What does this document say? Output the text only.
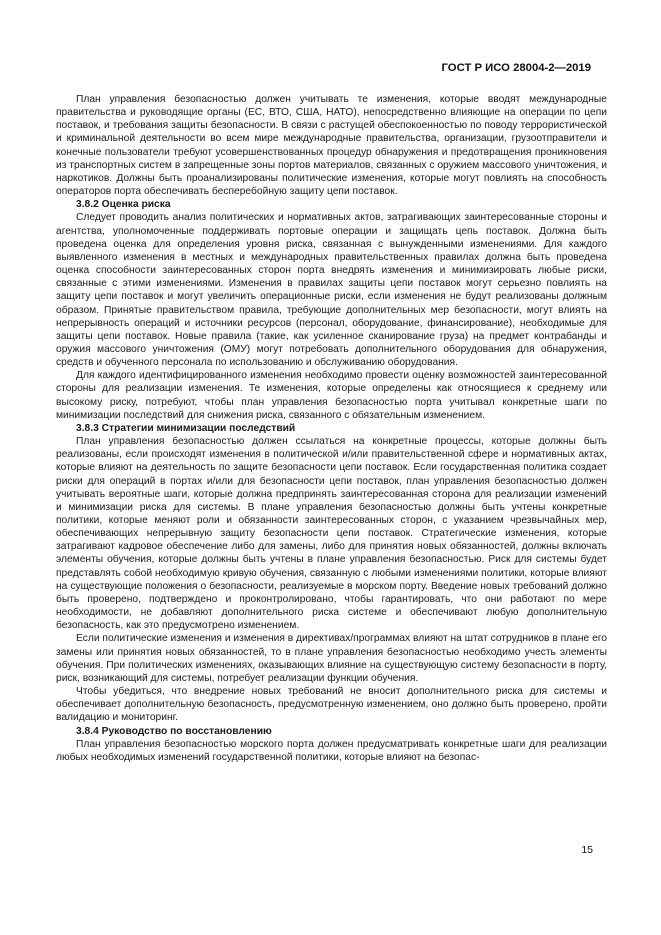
ГОСТ Р ИСО 28004-2—2019

План управления безопасностью должен учитывать те изменения, которые вводят международные правительства и руководящие органы (ЕС, ВТО, США, НАТО), непосредственно влияющие на операции по цепи поставок, и требования защиты безопасности. В связи с растущей обеспокоенностью по поводу террористической и криминальной деятельности во всем мире международные правительства, организации, грузоотправители и конечные пользователи требуют усовершенствованных процедур обнаружения и предотвращения проникновения из транспортных систем в запрещенные зоны портов материалов, связанных с оружием массового уничтожения, и наркотиков. Должны быть проанализированы политические изменения, которые могут повлиять на способность операторов порта обеспечивать бесперебойную защиту цепи поставок.

3.8.2 Оценка риска

Следует проводить анализ политических и нормативных актов, затрагивающих заинтересованные стороны и агентства, уполномоченные поддерживать портовые операции и защищать цепь поставок. Должна быть проведена оценка для определения уровня риска, связанная с вынужденными изменениями. Для каждого выявленного изменения в местных и международных правительственных правилах должна быть проведена оценка способности заинтересованных сторон порта внедрять изменения и минимизировать любые риски, связанные с этими изменениями. Изменения в правилах защиты цепи поставок могут серьезно повлиять на защиту цепи поставок и могут увеличить операционные риски, если изменения не будут реализованы должным образом. Принятые правительством правила, требующие дополнительных мер безопасности, могут влиять на непрерывность операций и источники ресурсов (персонал, оборудование, финансирование), необходимые для защиты цепи поставок. Новые правила (такие, как усиленное сканирование груза) на предмет контрабанды и оружия массового уничтожения (ОМУ) могут потребовать дополнительного оборудования для обнаружения, средств и обученного персонала по использованию и обслуживанию оборудования.

Для каждого идентифицированного изменения необходимо провести оценку возможностей заинтересованной стороны для реализации изменения. Те изменения, которые определены как относящиеся к среднему или высокому риску, потребуют, чтобы план управления безопасностью порта учитывал конкретные шаги по минимизации последствий для снижения риска, связанного с обязательным изменением.

3.8.3 Стратегии минимизации последствий

План управления безопасностью должен ссылаться на конкретные процессы, которые должны быть реализованы, если происходят изменения в политической и/или правительственной сфере и нормативных актах, которые влияют на деятельность по защите безопасности цепи поставок. Если государственная политика создает риски для операций в портах и/или для безопасности цепи поставок, план управления безопасностью должен учитывать вероятные шаги, которые должна предпринять заинтересованная сторона для реализации изменений и минимизации риска для системы. В плане управления безопасностью должны быть учтены конкретные политики, которые меняют роли и обязанности заинтересованных сторон, с указанием чрезвычайных мер, обеспечивающих непрерывную защиту безопасности цепи поставок. Стратегические изменения, которые затрагивают кадровое обеспечение либо для замены, либо для принятия новых обязанностей, должны включать элементы обучения, которые должны быть учтены в плане управления безопасностью. Риск для системы будет представлять собой необходимую кривую обучения, связанную с любыми изменениями политики, которые влияют на существующие положения о безопасности, реализуемые в морском порту. Введение новых требований должно быть проверено, подтверждено и проконтролировано, чтобы гарантировать, что они работают по мере необходимости, не добавляют дополнительного риска системе и обеспечивают любую дополнительную безопасность, как это предусмотрено изменением.

Если политические изменения и изменения в директивах/программах влияют на штат сотрудников в плане его замены или принятия новых обязанностей, то в плане управления безопасностью необходимо учесть элементы обучения. При политических изменениях, оказывающих влияние на существующую систему безопасности в порту, риск, возникающий для системы, потребует реализации функции обучения.

Чтобы убедиться, что внедрение новых требований не вносит дополнительного риска для системы и обеспечивает дополнительную безопасность, предусмотренную изменением, оно должно быть проверено, пройти валидацию и мониторинг.

3.8.4 Руководство по восстановлению

План управления безопасностью морского порта должен предусматривать конкретные шаги для реализации любых необходимых изменений государственной политики, которые влияют на безопас-

15
